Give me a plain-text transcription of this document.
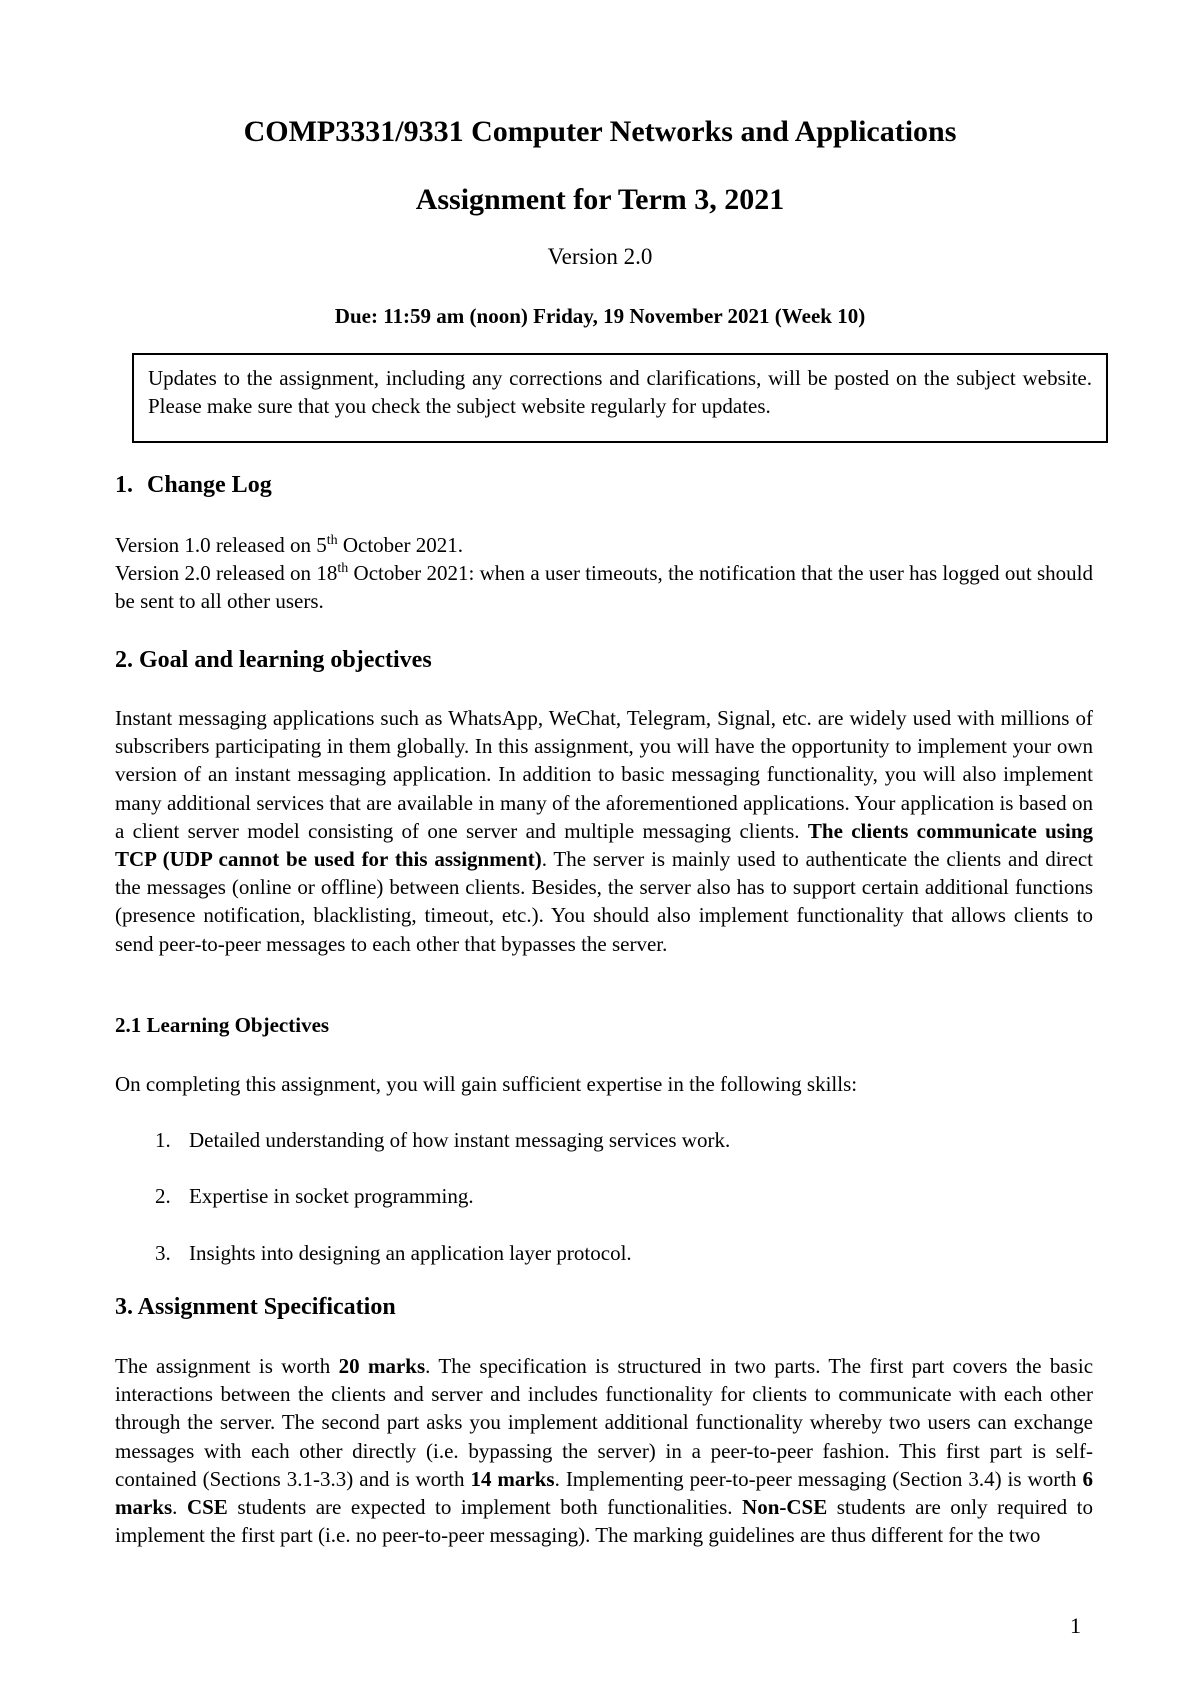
COMP3331/9331 Computer Networks and Applications
Assignment for Term 3, 2021
Version 2.0
Due: 11:59 am (noon) Friday, 19 November 2021 (Week 10)
Updates to the assignment, including any corrections and clarifications, will be posted on the subject website. Please make sure that you check the subject website regularly for updates.
1. Change Log
Version 1.0 released on 5th October 2021.
Version 2.0 released on 18th October 2021: when a user timeouts, the notification that the user has logged out should be sent to all other users.
2. Goal and learning objectives
Instant messaging applications such as WhatsApp, WeChat, Telegram, Signal, etc. are widely used with millions of subscribers participating in them globally. In this assignment, you will have the opportunity to implement your own version of an instant messaging application. In addition to basic messaging functionality, you will also implement many additional services that are available in many of the aforementioned applications. Your application is based on a client server model consisting of one server and multiple messaging clients. The clients communicate using TCP (UDP cannot be used for this assignment). The server is mainly used to authenticate the clients and direct the messages (online or offline) between clients. Besides, the server also has to support certain additional functions (presence notification, blacklisting, timeout, etc.). You should also implement functionality that allows clients to send peer-to-peer messages to each other that bypasses the server.
2.1 Learning Objectives
On completing this assignment, you will gain sufficient expertise in the following skills:
1. Detailed understanding of how instant messaging services work.
2. Expertise in socket programming.
3. Insights into designing an application layer protocol.
3. Assignment Specification
The assignment is worth 20 marks. The specification is structured in two parts. The first part covers the basic interactions between the clients and server and includes functionality for clients to communicate with each other through the server. The second part asks you implement additional functionality whereby two users can exchange messages with each other directly (i.e. bypassing the server) in a peer-to-peer fashion. This first part is self-contained (Sections 3.1-3.3) and is worth 14 marks. Implementing peer-to-peer messaging (Section 3.4) is worth 6 marks. CSE students are expected to implement both functionalities. Non-CSE students are only required to implement the first part (i.e. no peer-to-peer messaging). The marking guidelines are thus different for the two
1
